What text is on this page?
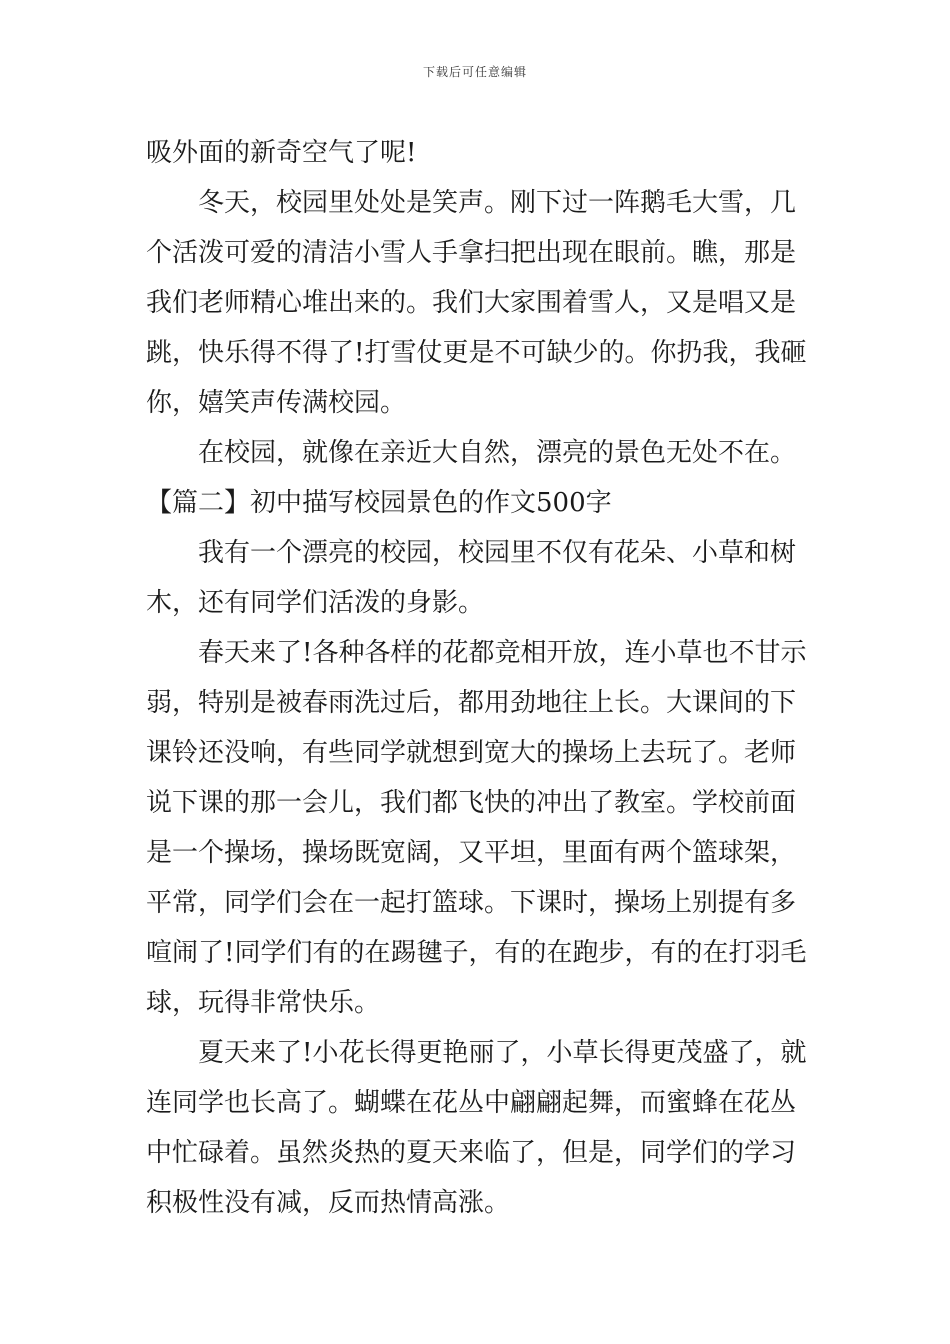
下载后可任意编辑
吸外面的新奇空气了呢!
冬天，校园里处处是笑声。刚下过一阵鹅毛大雪，几
个活泼可爱的清洁小雪人手拿扫把出现在眼前。瞧，那是
我们老师精心堆出来的。我们大家围着雪人，又是唱又是
跳，快乐得不得了!打雪仗更是不可缺少的。你扔我，我砸
你，嬉笑声传满校园。
在校园，就像在亲近大自然，漂亮的景色无处不在。
【篇二】初中描写校园景色的作文500字
我有一个漂亮的校园，校园里不仅有花朵、小草和树
木，还有同学们活泼的身影。
春天来了!各种各样的花都竞相开放，连小草也不甘示
弱，特别是被春雨洗过后，都用劲地往上长。大课间的下
课铃还没响，有些同学就想到宽大的操场上去玩了。老师
说下课的那一会儿，我们都飞快的冲出了教室。学校前面
是一个操场，操场既宽阔，又平坦，里面有两个篮球架，
平常，同学们会在一起打篮球。下课时，操场上别提有多
喧闹了!同学们有的在踢毽子，有的在跑步，有的在打羽毛
球，玩得非常快乐。
夏天来了!小花长得更艳丽了，小草长得更茂盛了，就
连同学也长高了。蝴蝶在花丛中翩翩起舞，而蜜蜂在花丛
中忙碌着。虽然炎热的夏天来临了，但是，同学们的学习
积极性没有减，反而热情高涨。
